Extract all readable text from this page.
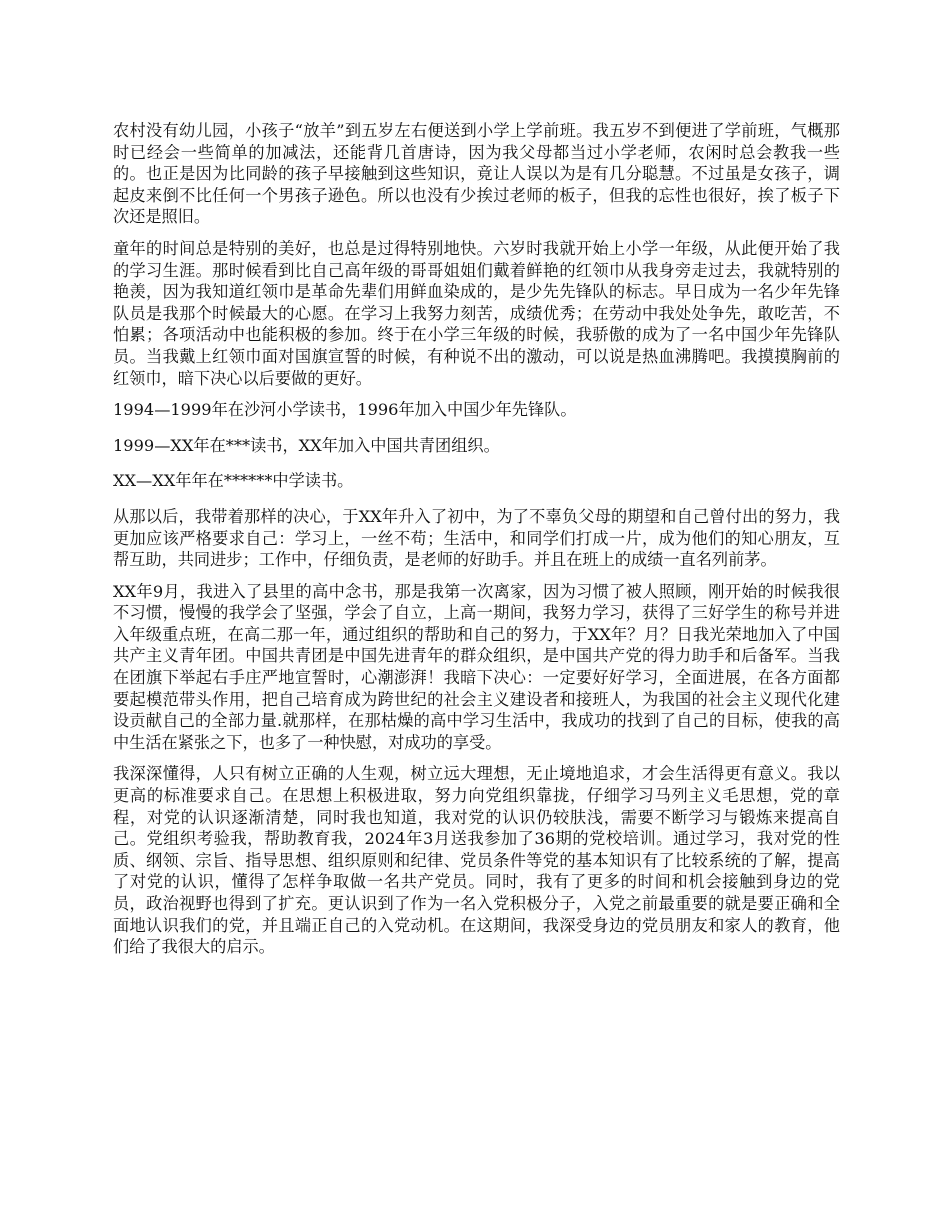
农村没有幼儿园，小孩子“放羊”到五岁左右便送到小学上学前班。我五岁不到便进了学前班，气概那时已经会一些简单的加减法，还能背几首唐诗，因为我父母都当过小学老师，农闲时总会教我一些的。也正是因为比同龄的孩子早接触到这些知识，竟让人误以为是有几分聪慧。不过虽是女孩子，调起皮来倒不比任何一个男孩子逊色。所以也没有少挨过老师的板子，但我的忘性也很好，挨了板子下次还是照旧。

童年的时间总是特别的美好，也总是过得特别地快。六岁时我就开始上小学一年级，从此便开始了我的学习生涯。那时候看到比自己高年级的哥哥姐姐们戴着鲜艳的红领巾从我身旁走过去，我就特别的艳羡，因为我知道红领巾是革命先辈们用鲜血染成的，是少先先锋队的标志。早日成为一名少年先锋队员是我那个时候最大的心愿。在学习上我努力刻苦，成绩优秀；在劳动中我处处争先，敢吃苦，不怕累；各项活动中也能积极的参加。终于在小学三年级的时候，我骄傲的成为了一名中国少年先锋队员。当我戴上红领巾面对国旗宣誓的时候，有种说不出的激动，可以说是热血沸腾吧。我摸摸胸前的红领巾，暗下决心以后要做的更好。

1994—1999年在沙河小学读书，1996年加入中国少年先锋队。

1999—XX年在***读书，XX年加入中国共青团组织。

XX—XX年年在******中学读书。

从那以后，我带着那样的决心，于XX年升入了初中，为了不辜负父母的期望和自己曾付出的努力，我更加应该严格要求自己：学习上，一丝不苟；生活中，和同学们打成一片，成为他们的知心朋友，互帮互助，共同进步；工作中，仔细负责，是老师的好助手。并且在班上的成绩一直名列前茅。

XX年9月，我进入了县里的高中念书，那是我第一次离家，因为习惯了被人照顾，刚开始的时候我很不习惯，慢慢的我学会了坚强，学会了自立，上高一期间，我努力学习，获得了三好学生的称号并进入年级重点班，在高二那一年，通过组织的帮助和自己的努力，于XX年？月？日我光荣地加入了中国共产主义青年团。中国共青团是中国先进青年的群众组织，是中国共产党的得力助手和后备军。当我在团旗下举起右手庄严地宣誓时，心潮澎湃！我暗下决心：一定要好好学习，全面进展，在各方面都要起模范带头作用，把自己培育成为跨世纪的社会主义建设者和接班人，为我国的社会主义现代化建设贡献自己的全部力量.就那样，在那枯燥的高中学习生活中，我成功的找到了自己的目标，使我的高中生活在紧张之下，也多了一种快慰，对成功的享受。

我深深懂得，人只有树立正确的人生观，树立远大理想，无止境地追求，才会生活得更有意义。我以更高的标准要求自己。在思想上积极进取，努力向党组织靠拢，仔细学习马列主义毛思想，党的章程，对党的认识逐渐清楚，同时我也知道，我对党的认识仍较肤浅，需要不断学习与锻炼来提高自己。党组织考验我，帮助教育我，2024年3月送我参加了36期的党校培训。通过学习，我对党的性质、纲领、宗旨、指导思想、组织原则和纪律、党员条件等党的基本知识有了比较系统的了解，提高了对党的认识，懂得了怎样争取做一名共产党员。同时，我有了更多的时间和机会接触到身边的党员，政治视野也得到了扩充。更认识到了作为一名入党积极分子，入党之前最重要的就是要正确和全面地认识我们的党，并且端正自己的入党动机。在这期间，我深受身边的党员朋友和家人的教育，他们给了我很大的启示。
